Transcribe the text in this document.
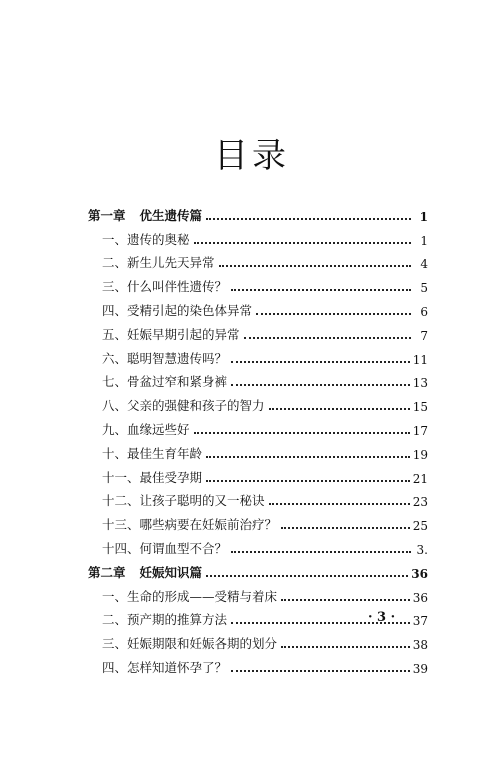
目录
第一章 优生遗传篇	1
一、遗传的奥秘	1
二、新生儿先天异常	4
三、什么叫伴性遗传？	5
四、受精引起的染色体异常	6
五、妊娠早期引起的异常	7
六、聪明智慧遗传吗？	11
七、骨盆过窄和紧身裤	13
八、父亲的强健和孩子的智力	15
九、血缘远些好	17
十、最佳生育年龄	19
十一、最佳受孕期	21
十二、让孩子聪明的又一秘诀	23
十三、哪些病要在妊娠前治疗？	25
十四、何谓血型不合？	3.
第二章 妊娠知识篇	36
一、生命的形成——受精与着床	36
二、预产期的推算方法	37
三、妊娠期限和妊娠各期的划分	38
四、怎样知道怀孕了？	39
· 3 ·
